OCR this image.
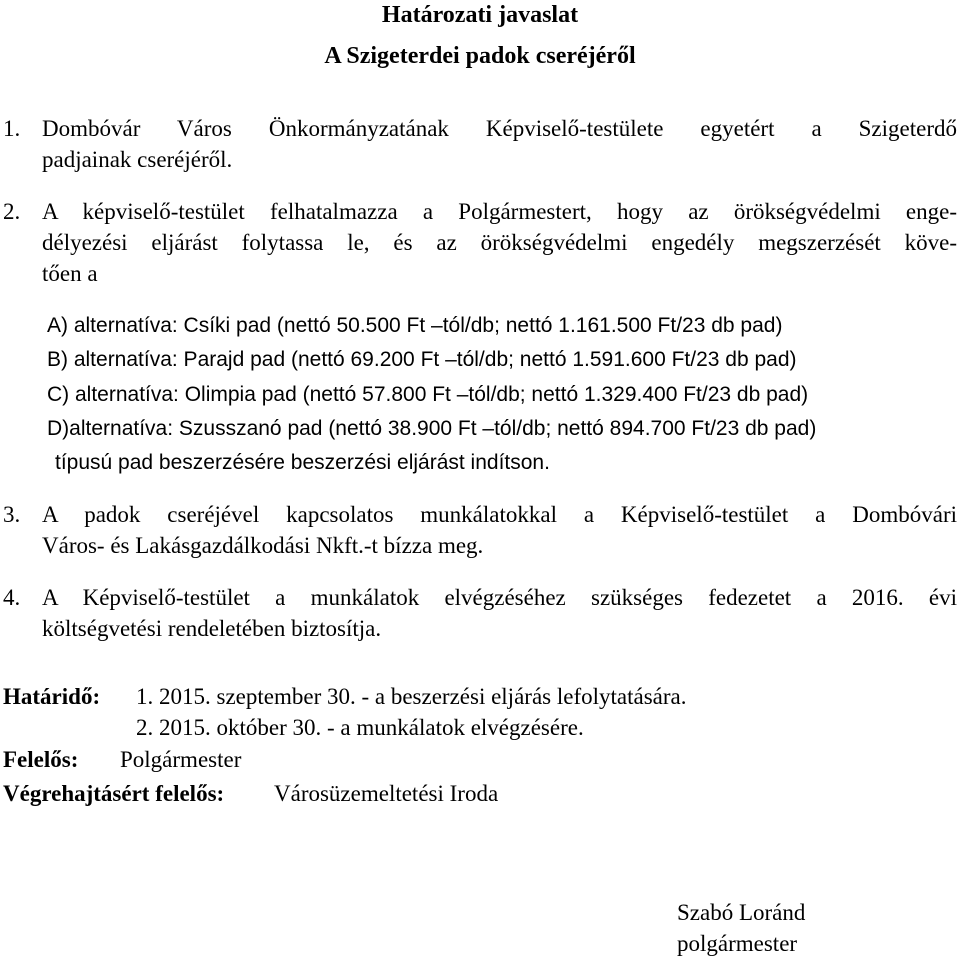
Határozati javaslat
A Szigeterdei padok cseréjéről
1. Dombóvár Város Önkormányzatának Képviselő-testülete egyetért a Szigeterdő
padjainak cseréjéről.
2. A képviselő-testület felhatalmazza a Polgármestert, hogy az örökségvédelmi enge-
délyezési eljárást folytassa le, és az örökségvédelmi engedély megszerzését köve-
tően a
A) alternatíva: Csíki pad (nettó 50.500 Ft –tól/db; nettó 1.161.500 Ft/23 db pad)
B) alternatíva: Parajd pad (nettó 69.200 Ft –tól/db; nettó 1.591.600 Ft/23 db pad)
C) alternatíva: Olimpia pad (nettó 57.800 Ft –tól/db; nettó 1.329.400 Ft/23 db pad)
D)alternatíva: Szusszanó pad (nettó 38.900 Ft –tól/db; nettó 894.700 Ft/23 db pad)
típusú pad beszerzésére beszerzési eljárást indítson.
3. A padok cseréjével kapcsolatos munkálatokkal a Képviselő-testület a Dombóvári
Város- és Lakásgazdálkodási Nkft.-t bízza meg.
4. A Képviselő-testület a munkálatok elvégzéséhez szükséges fedezetet a 2016. évi
költségvetési rendeletében biztosítja.
Határidő: 1. 2015. szeptember 30. - a beszerzési eljárás lefolytatására.
2. 2015. október 30. - a munkálatok elvégzésére.
Felelős: Polgármester
Végrehajtásért felelős: Városüzemeltetési Iroda
Szabó Loránd
polgármester
